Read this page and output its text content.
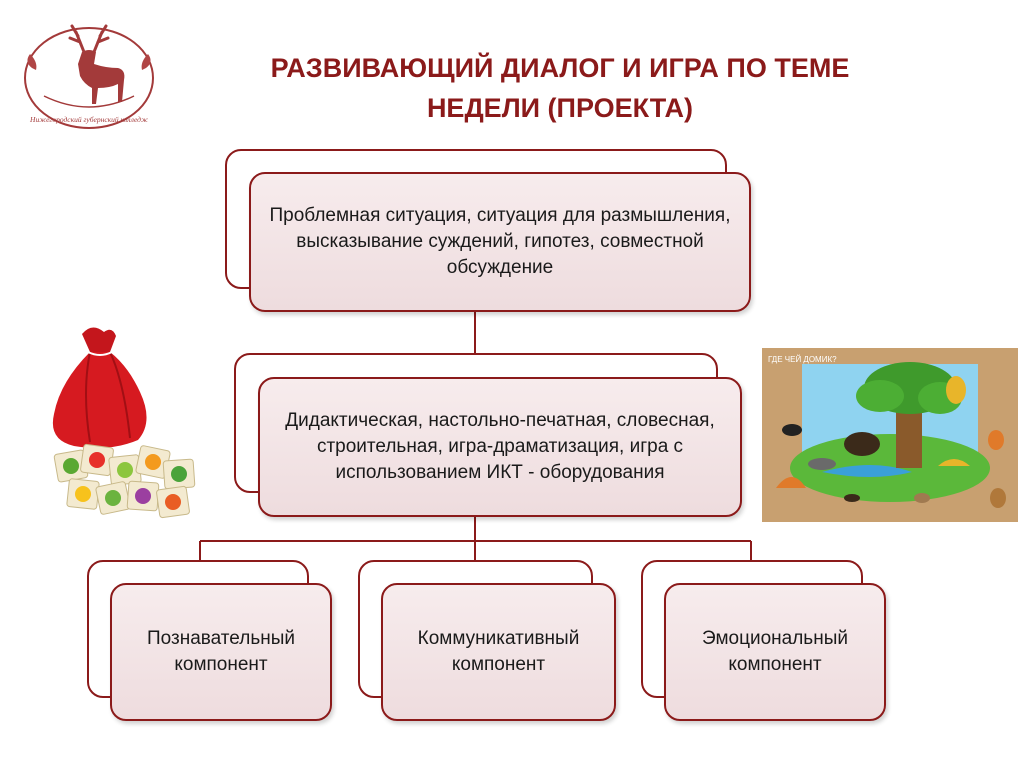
РАЗВИВАЮЩИЙ ДИАЛОГ И ИГРА ПО ТЕМЕ
НЕДЕЛИ (ПРОЕКТА)
Нижегородский губернский колледж
Проблемная ситуация, ситуация для размышления, высказывание суждений, гипотез, совместной обсуждение
Дидактическая, настольно-печатная, словесная, строительная, игра-драматизация, игра с использованием ИКТ - оборудования
Познавательный компонент
Коммуникативный компонент
Эмоциональный компонент
ГДЕ ЧЕЙ ДОМИК?
